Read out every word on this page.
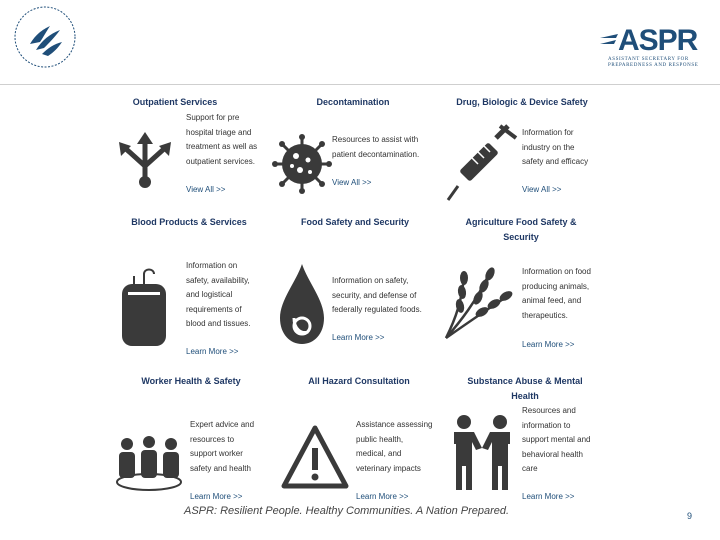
ASPR
ASSISTANT SECRETARY FOR
PREPAREDNESS AND RESPONSE
Outpatient Services	Decontamination	Drug, Biologic & Device Safety
Support for pre
hospital triage and
treatment as well as
outpatient services.
View All >>
Resources to assist with
patient decontamination.
View All >>
Information for
industry on the
safety and efficacy
View All >>
Blood Products & Services	Food Safety and Security	Agriculture Food Safety &
Security
Information on
safety, availability,
and logistical
requirements of
blood and tissues.
Learn More >>
Information on safety,
security, and defense of
federally regulated foods.
Learn More >>
Information on food
producing animals,
animal feed, and
therapeutics.
Learn More >>
Worker Health & Safety	All Hazard Consultation	Substance Abuse & Mental
Health
Expert advice and
resources to
support worker
safety and health
Learn More >>
Assistance assessing
public health,
medical, and
veterinary impacts
Learn More >>
Resources and
information to
support mental and
behavioral health
care
Learn More >>
ASPR: Resilient People. Healthy Communities. A Nation Prepared.	9
